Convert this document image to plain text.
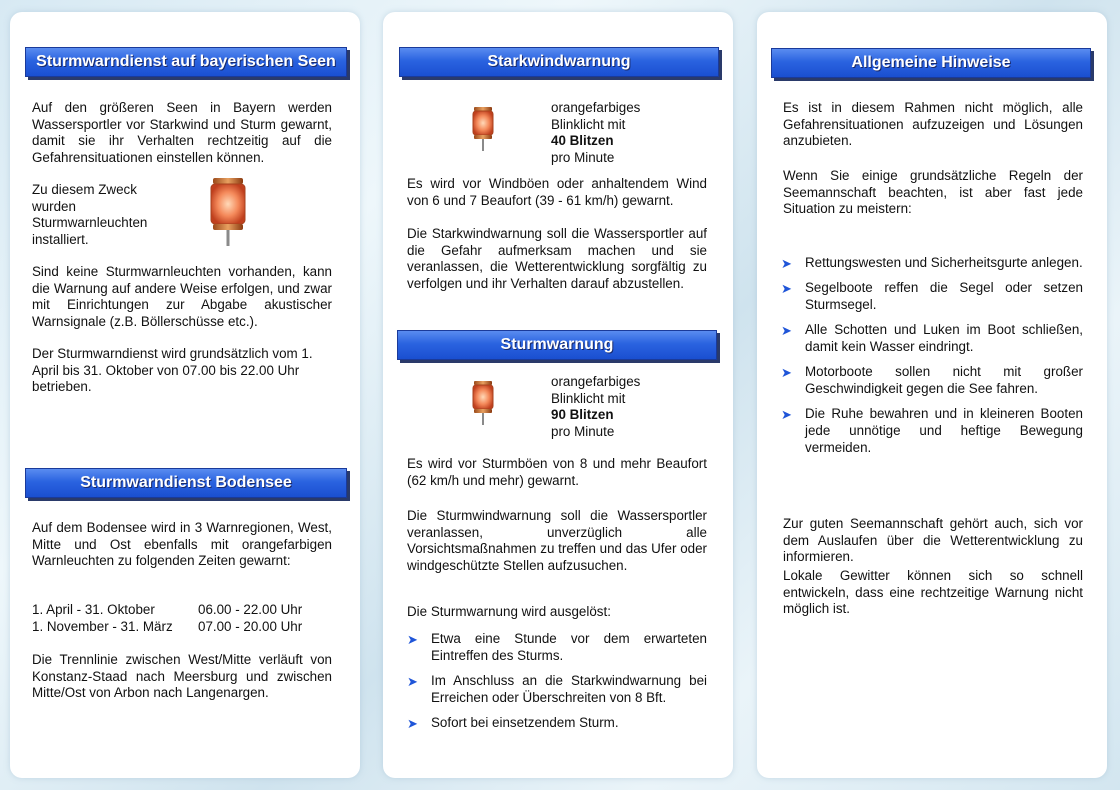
Sturmwarndienst auf bayerischen Seen

Auf den größeren Seen in Bayern werden Wassersportler vor Starkwind und Sturm gewarnt, damit sie ihr Verhalten rechtzeitig auf die Gefahrensituationen einstellen können.

Zu diesem Zweck wurden Sturmwarnleuchten installiert.

Sind keine Sturmwarnleuchten vorhanden, kann die Warnung auf andere Weise erfolgen, und zwar mit Einrichtungen zur Abgabe akustischer Warnsignale (z.B. Böllerschüsse etc.).

Der Sturmwarndienst wird grundsätzlich vom 1. April bis 31. Oktober von 07.00 bis 22.00 Uhr betrieben.

Sturmwarndienst Bodensee

Auf dem Bodensee wird in 3 Warnregionen, West, Mitte und Ost ebenfalls mit orangefarbigen Warnleuchten zu folgenden Zeiten gewarnt:

1. April - 31. Oktober	06.00 - 22.00 Uhr
1. November - 31. März 07.00 - 20.00 Uhr

Die Trennlinie zwischen West/Mitte verläuft von Konstanz-Staad nach Meersburg und zwischen Mitte/Ost von Arbon nach Langenargen.

Starkwindwarnung
orangefarbiges
Blinklicht mit
40 Blitzen
pro Minute

Es wird vor Windböen oder anhaltendem Wind von 6 und 7 Beaufort (39 - 61 km/h) gewarnt.

Die Starkwindwarnung soll die Wassersportler auf die Gefahr aufmerksam machen und sie veranlassen, die Wetterentwicklung sorgfältig zu verfolgen und ihr Verhalten darauf abzustellen.

Sturmwarnung
orangefarbiges
Blinklicht mit
90 Blitzen
pro Minute

Es wird vor Sturmböen von 8 und mehr Beaufort (62 km/h und mehr) gewarnt.

Die Sturmwindwarnung soll die Wassersportler veranlassen, unverzüglich alle Vorsichtsmaßnahmen zu treffen und das Ufer oder windgeschützte Stellen aufzusuchen.

Die Sturmwarnung wird ausgelöst:

➤ Etwa eine Stunde vor dem erwarteten Eintreffen des Sturms.
➤ Im Anschluss an die Starkwindwarnung bei Erreichen oder Überschreiten von 8 Bft.
➤ Sofort bei einsetzendem Sturm.
Allgemeine Hinweise

Es ist in diesem Rahmen nicht möglich, alle Gefahrensituationen aufzuzeigen und Lösungen anzubieten.

Wenn Sie einige grundsätzliche Regeln der Seemannschaft beachten, ist aber fast jede Situation zu meistern:

➤ Rettungswesten und Sicherheitsgurte anlegen.
➤ Segelboote reffen die Segel oder setzen Sturmsegel.
➤ Alle Schotten und Luken im Boot schließen, damit kein Wasser eindringt.
➤ Motorboote sollen nicht mit großer Geschwindigkeit gegen die See fahren.
➤ Die Ruhe bewahren und in kleineren Booten jede unnötige und heftige Bewegung vermeiden.

Zur guten Seemannschaft gehört auch, sich vor dem Auslaufen über die Wetterentwicklung zu informieren.

Lokale Gewitter können sich so schnell entwickeln, dass eine rechtzeitige Warnung nicht möglich ist.
